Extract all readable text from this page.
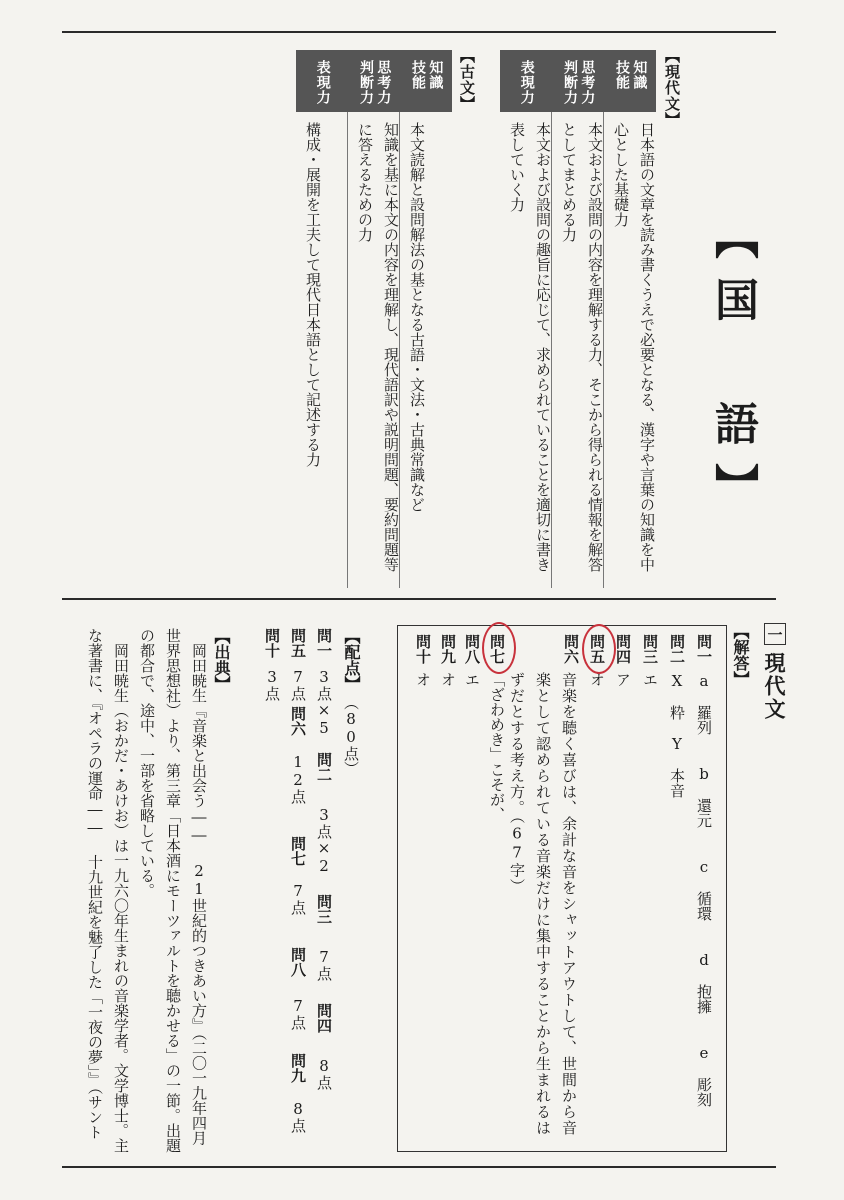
【国　語】
【現代文】
知識
技能
日本語の文章を読み書くうえで必要となる、漢字や言葉の知識を中心とした基礎力
思考力
判断力
本文および設問の内容を理解する力、そこから得られる情報を解答としてまとめる力
表現力
本文および設問の趣旨に応じて、求められていることを適切に書き表していく力
【古文】
知識
技能
本文読解と設問解法の基となる古語・文法・古典常識など
思考力
判断力
知識を基に本文の内容を理解し、現代語訳や説明問題、要約問題等に答えるための力
表現力
構成・展開を工夫して現代日本語として記述する力
一
現代文
【解答】
問一
a　羅列　　b　還元　　c　循環　　d　抱擁　　e　彫刻
問二
X　粋　Y　本音
問三
エ
問四
ア
問五
オ
問六
音楽を聴く喜びは、余計な音をシャットアウトして、世間から音楽として認められている音楽だけに集中することから生まれるはずだとする考え方。（67字）
問七
「ざわめき」こそが、
問八
エ
問九
オ
問十
オ
【配点】
（80点）
問一
3点×5
問二
3点×2
問三
7点
問四
8点
問五
7点
問六
12点
問七
7点
問八
7点
問九
8点
問十
3点
【出典】
岡田暁生『音楽と出会う―― 21世紀的つきあい方』（二〇一九年四月　世界思想社）より、第三章「日本酒にモーツァルトを聴かせる」の一節。出題の都合で、途中、一部を省略している。
岡田暁生（おかだ・あけお）は一九六〇年生まれの音楽学者。文学博士。主な著書に、『オペラの運命―― 十九世紀を魅了した「一夜の夢」』（サント
